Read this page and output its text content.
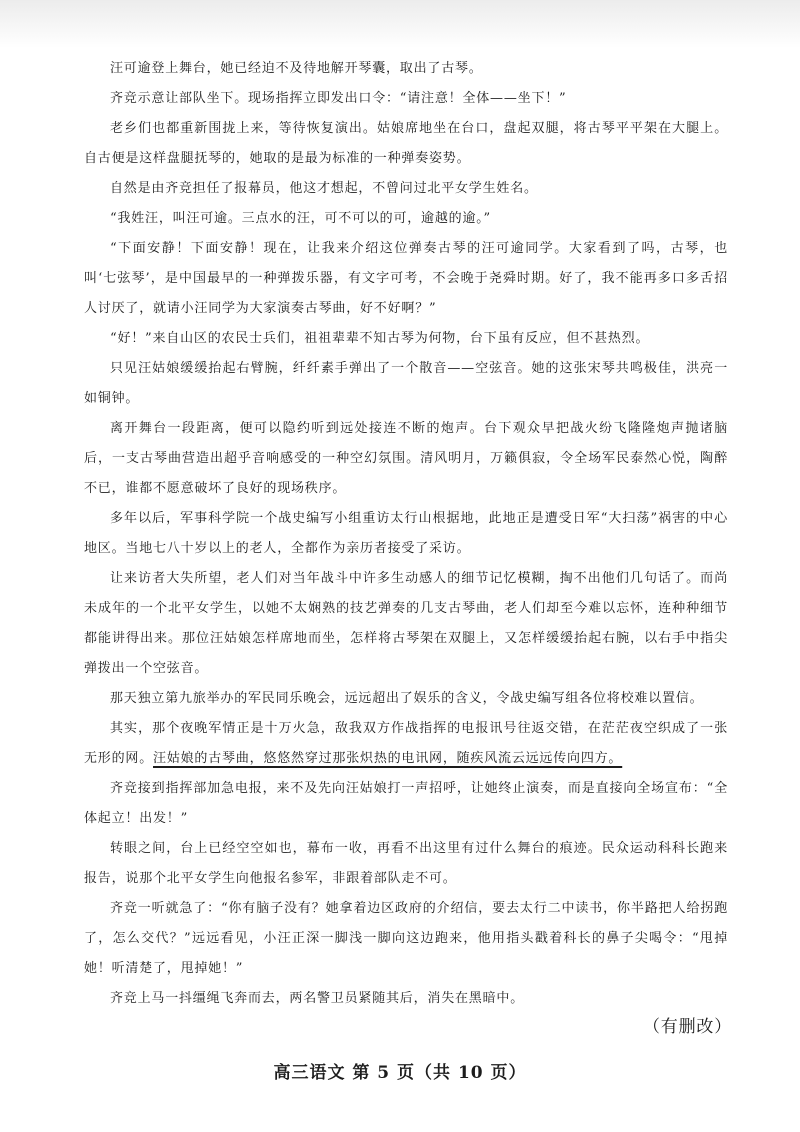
汪可逾登上舞台，她已经迫不及待地解开琴囊，取出了古琴。

齐竞示意让部队坐下。现场指挥立即发出口令：“请注意！全体——坐下！”

老乡们也都重新围拢上来，等待恢复演出。姑娘席地坐在台口，盘起双腿，将古琴平平架在大腿上。自古便是这样盘腿抚琴的，她取的是最为标准的一种弹奏姿势。

自然是由齐竞担任了报幕员，他这才想起，不曾问过北平女学生姓名。

“我姓汪，叫汪可逾。三点水的汪，可不可以的可，逾越的逾。”

“下面安静！下面安静！现在，让我来介绍这位弹奏古琴的汪可逾同学。大家看到了吗，古琴，也叫‘七弦琴’，是中国最早的一种弹拨乐器，有文字可考，不会晚于尧舜时期。好了，我不能再多口多舌招人讨厌了，就请小汪同学为大家演奏古琴曲，好不好啊？”

“好！”来自山区的农民士兵们，祖祖辈辈不知古琴为何物，台下虽有反应，但不甚热烈。

只见汪姑娘缓缓抬起右臂腕，纤纤素手弹出了一个散音——空弦音。她的这张宋琴共鸣极佳，洪亮一如铜钟。

离开舞台一段距离，便可以隐约听到远处接连不断的炮声。台下观众早把战火纷飞隆隆炮声抛诸脑后，一支古琴曲营造出超乎音响感受的一种空幻氛围。清风明月，万籁俱寂，令全场军民泰然心悦，陶醉不已，谁都不愿意破坏了良好的现场秩序。

多年以后，军事科学院一个战史编写小组重访太行山根据地，此地正是遭受日军“大扫荡”祸害的中心地区。当地七八十岁以上的老人，全都作为亲历者接受了采访。

让来访者大失所望，老人们对当年战斗中许多生动感人的细节记忆模糊，掏不出他们几句话了。而尚未成年的一个北平女学生，以她不太娴熟的技艺弹奏的几支古琴曲，老人们却至今难以忘怀，连种种细节都能讲得出来。那位汪姑娘怎样席地而坐，怎样将古琴架在双腿上，又怎样缓缓抬起右腕，以右手中指尖弹拨出一个空弦音。

那天独立第九旅举办的军民同乐晚会，远远超出了娱乐的含义，令战史编写组各位将校难以置信。

其实，那个夜晚军情正是十万火急，敌我双方作战指挥的电报讯号往返交错，在茫茫夜空织成了一张无形的网。汪姑娘的古琴曲，悠悠然穿过那张炽热的电讯网，随疾风流云远远传向四方。

齐竞接到指挥部加急电报，来不及先向汪姑娘打一声招呼，让她终止演奏，而是直接向全场宣布：“全体起立！出发！”

转眼之间，台上已经空空如也，幕布一收，再看不出这里有过什么舞台的痕迹。民众运动科科长跑来报告，说那个北平女学生向他报名参军，非跟着部队走不可。

齐竞一听就急了：“你有脑子没有？她拿着边区政府的介绍信，要去太行二中读书，你半路把人给拐跑了，怎么交代？”远远看见，小汪正深一脚浅一脚向这边跑来，他用指头戳着科长的鼻子尖喝令：“甩掉她！听清楚了，甩掉她！”

齐竞上马一抖缰绳飞奔而去，两名警卫员紧随其后，消失在黑暗中。

（有删改）
高三语文 第 5 页（共 10 页）
